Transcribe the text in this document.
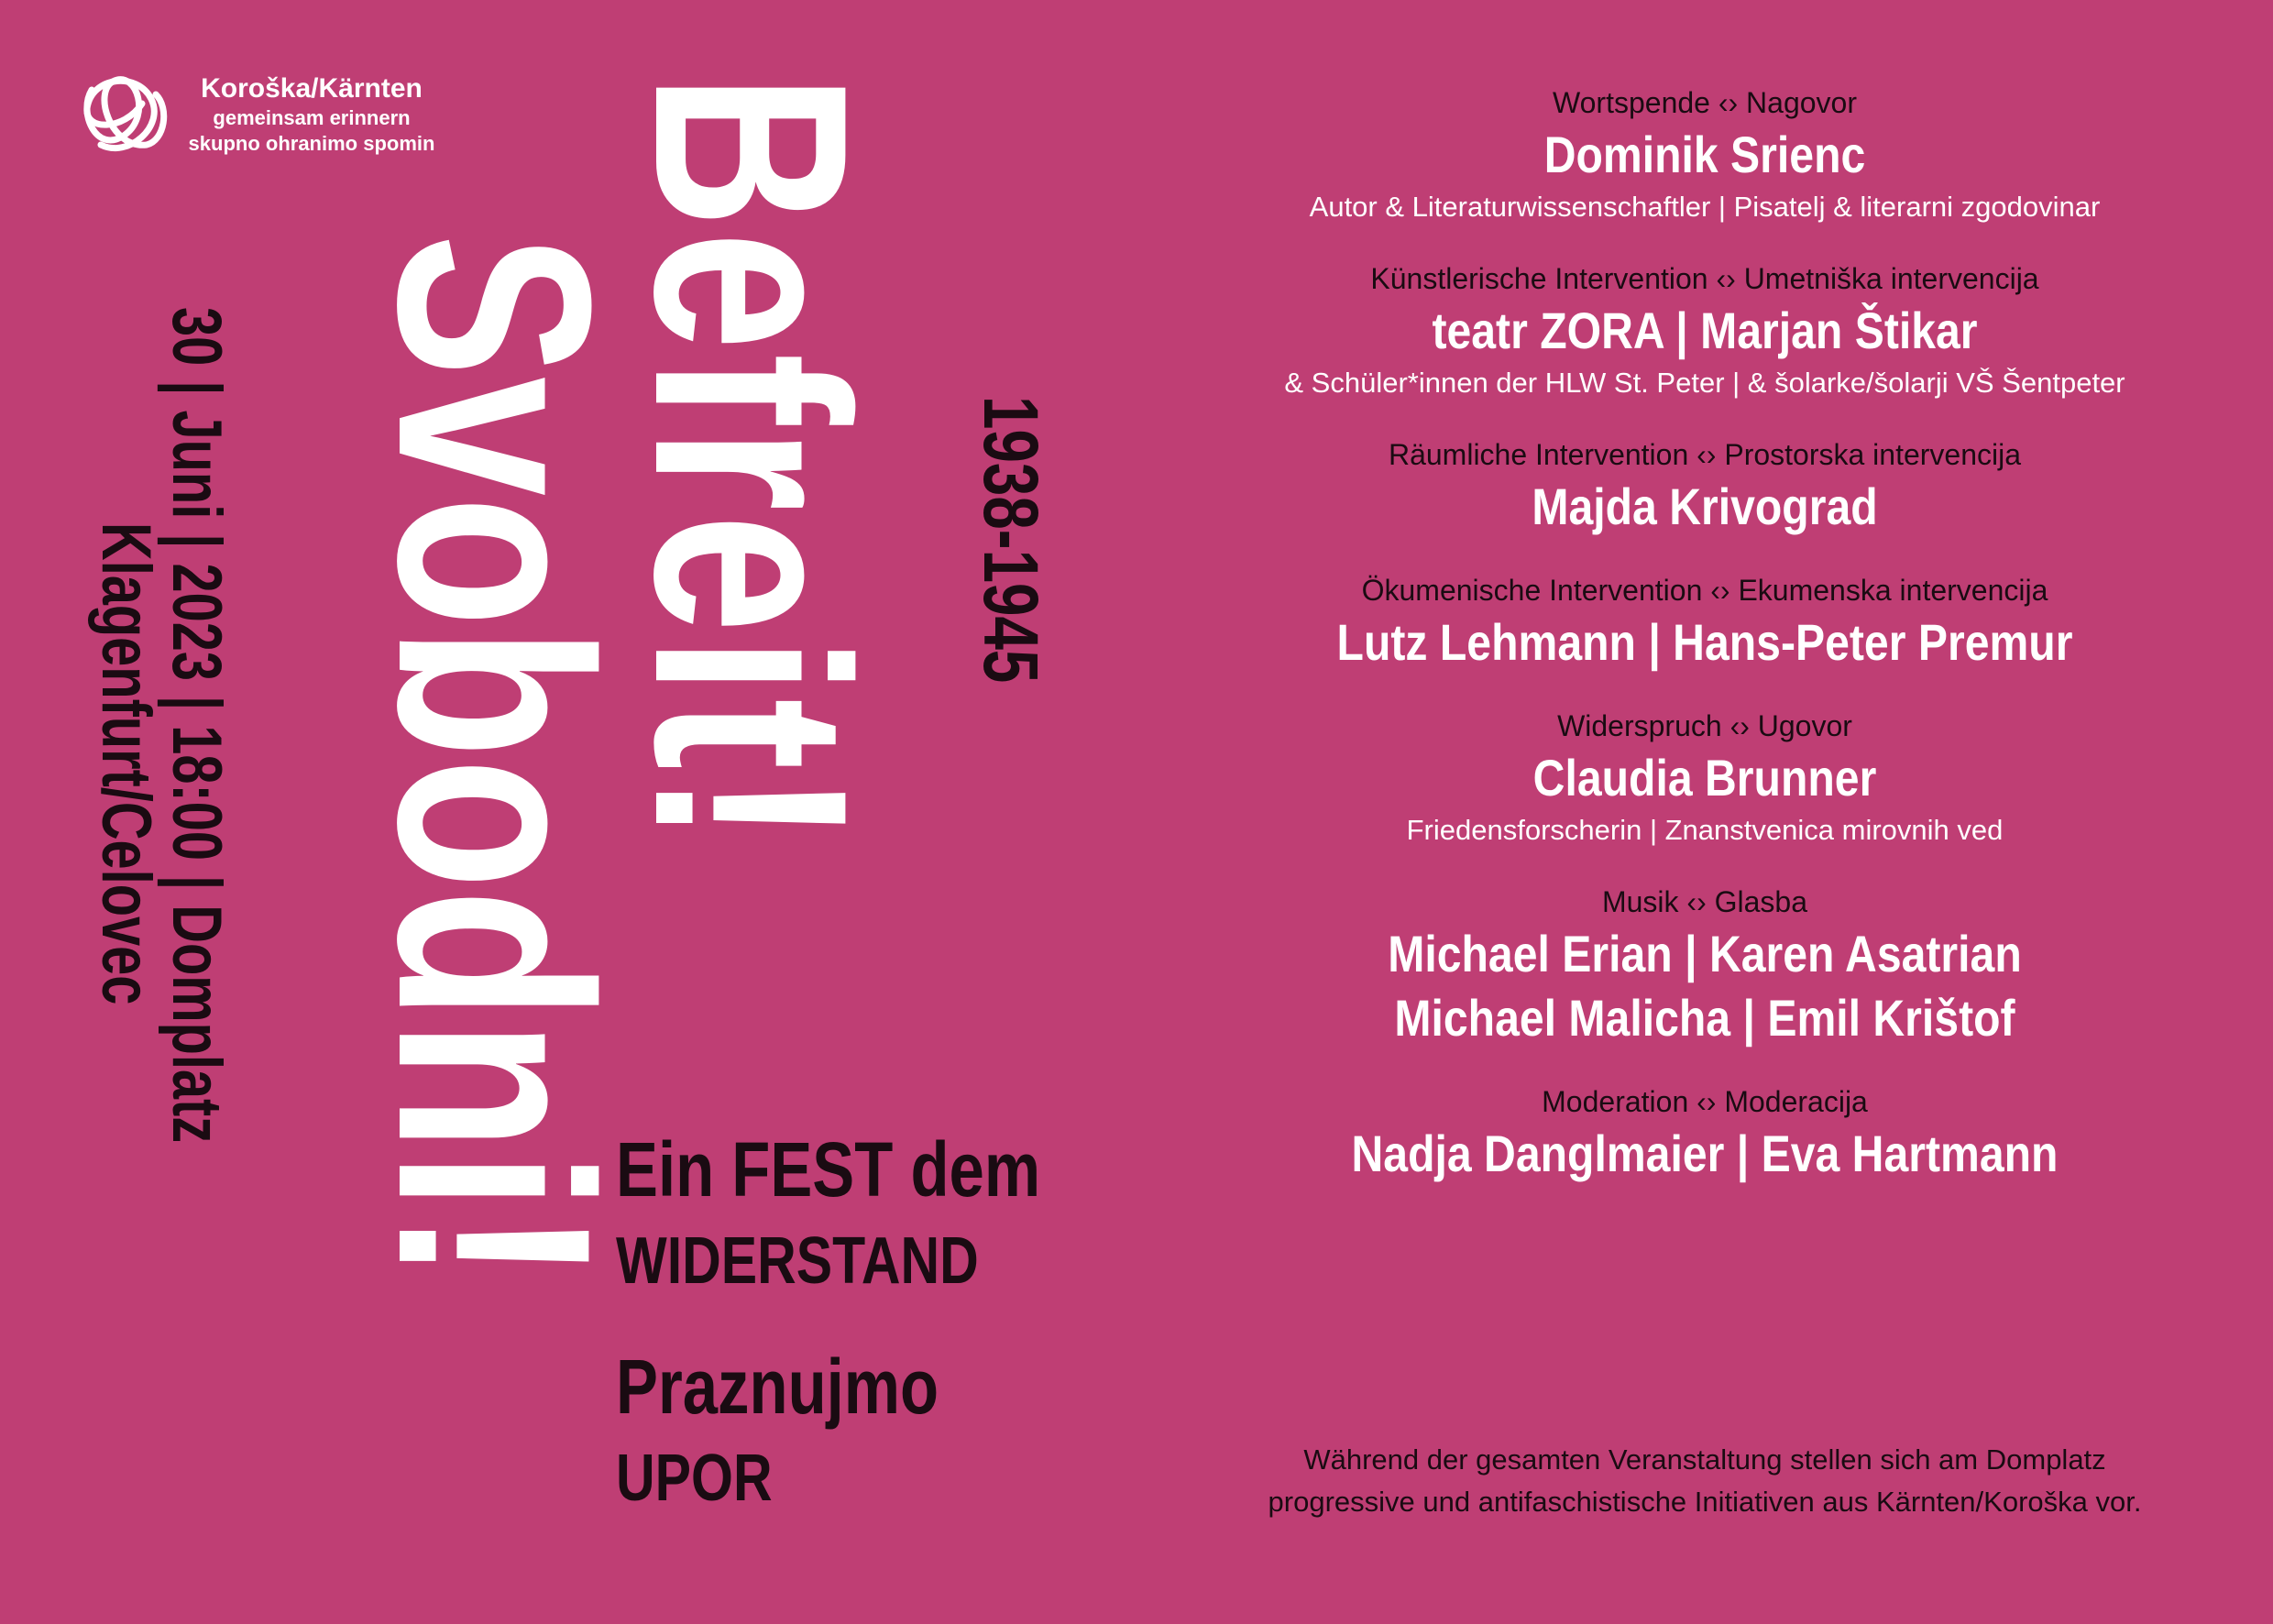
Koroška/Kärnten
gemeinsam erinnern
skupno ohranimo spomin Befreit!
Svobodni!	1938-1945
30 | Juni | 2023 | 18:00 | Domplatz
Klagenfurt/Celovec
Ein FEST dem
WIDERSTAND
Praznujmo
UPOR
Wortspende ‹› Nagovor
Dominik Srienc
Autor & Literaturwissenschaftler | Pisatelj & literarni zgodovinar
Künstlerische Intervention ‹› Umetniška intervencija
teatr ZORA | Marjan Štikar
& Schüler*innen der HLW St. Peter | & šolarke/šolarji VŠ Šentpeter
Räumliche Intervention ‹› Prostorska intervencija
Majda Krivograd
Ökumenische Intervention ‹› Ekumenska intervencija
Lutz Lehmann | Hans-Peter Premur
Widerspruch ‹› Ugovor
Claudia Brunner
Friedensforscherin | Znanstvenica mirovnih ved
Musik ‹› Glasba
Michael Erian | Karen Asatrian
Michael Malicha | Emil Krištof
Moderation ‹› Moderacija
Nadja Danglmaier | Eva Hartmann
Während der gesamten Veranstaltung stellen sich am Domplatz
progressive und antifaschistische Initiativen aus Kärnten/Koroška vor.
